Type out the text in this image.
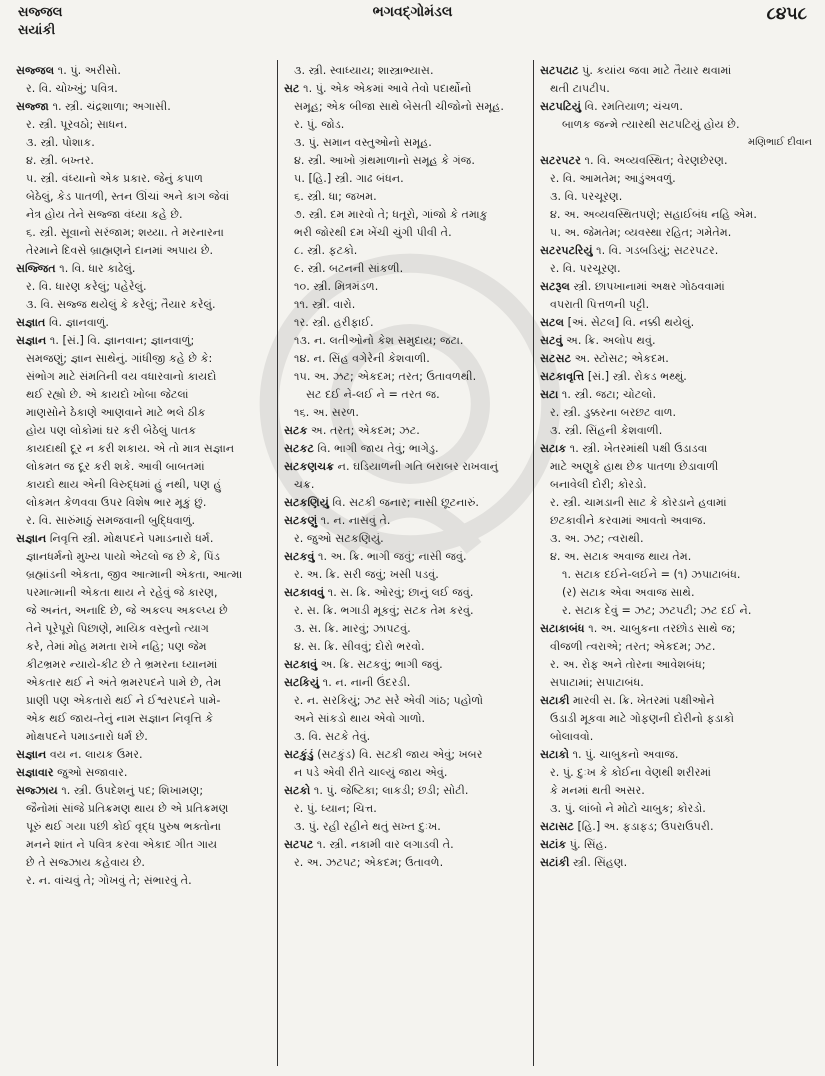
સજ્જલ
સયાંકી
ભગવદ્ગોમંડલ	૮૪૫૮
સજ્જલ ૧. પું. અરીસો.
ર. વિ. ચોખ્ખું; પવિત્ર.
સજ્જા ૧. સ્ત્રી. ચંદ્રશાળા; અગાસી.
ર. સ્ત્રી. પૂરવઠો; સાધન.
૩. સ્ત્રી. પોશાક.
૪. સ્ત્રી. બખ્તર.
૫. સ્ત્રી. વંધ્યાનો એક પ્રકાર. જેનું કપાળ
બેઠેલું, કેડ પાતળી, સ્તન ઊંચાં અને કાગ જેવાં
નેત્ર હોય તેને સજ્જા વંધ્યા કહે છે.
૬. સ્ત્રી. સૂવાનો સરંજામ; શય્યા. તે મરનારના
તેરમાને દિવસે બ્રાહ્મણને દાનમાં અપાય છે.
સજ્જિત ૧. વિ. ધાર કાઢેલું.
ર. વિ. ધારણ કરેલું; પહેરેલું.
૩. વિ. સજ્જ થયેલું કે કરેલું; તૈયાર કરેલું.
સજ્ઞાત વિ. જ્ઞાનવાળું.
સજ્ઞાન ૧. [સં.] વિ. જ્ઞાનવાન; જ્ઞાનવાળું;
સમજણું; જ્ઞાન સાથેનું. ગાંધીજી કહે છે કે:
સંભોગ માટે સંમતિની વય વધારવાનો કાયદો
થઈ રહ્યો છે. એ કાયદો ખોબા જેટલાં
માણસોને ઠેકાણે આણવાને માટે ભલે ઠીક
હોય પણ લોકોમાં ઘર કરી બેઠેલું પાતક
કાયદાથી દૂર ન કરી શકાય. એ તો માત્ર સજ્ઞાન
લોકમત જ દૂર કરી શકે. આવી બાબતમાં
કાયદો થાય એની વિરુદ્ધમાં હું નથી, પણ હું
લોકમત કેળવવા ઉપર વિશેષ ભાર મૂકું છું.
ર. વિ. સારુંમાઠું સમજવાની બુદ્ધિવાળું.
સજ્ઞાન નિવૃત્તિ સ્ત્રી. મોક્ષપદને પમાડનારો ધર્મ.
જ્ઞાનધર્મનો મુખ્ય પાયો એટલો જ છે કે, પિંડ
બ્રહ્માંડની એકતા, જીવ આત્માની એકતા, આત્મા
પરમાત્માની એકતા થાય ને રહેવું જે કારણ,
જે અનંત, અનાદિ છે, જે અકલ્પ અકલ્પ્ય છે
તેને પૂરેપૂરો પિછાણે, માયિક વસ્તુનો ત્યાગ
કરે, તેમાં મોહ મમતા રાખે નહિ; પણ જેમ
કીટભ્રમર ન્યાયે-કીટ છે તે ભ્રમરના ધ્યાનમાં
એકતાર થઈ ને અંતે ભ્રમરપદને પામે છે, તેમ
પ્રાણી પણ એકતારો થઈ ને ઈશ્વરપદને પામે-
એક થઈ જાય-તેનું નામ સજ્ઞાન નિવૃત્તિ કે
મોક્ષપદને પમાડનારો ધર્મ છે.
સજ્ઞાન વય ન. લાયક ઉમર.
સજ્ઞાવાર જુઓ સજાવાર.
સજ્ઝાય ૧. સ્ત્રી. ઉપદેશનું પદ; શિખામણ;
જૈનોમાં સાંજે પ્રતિક્રમણ થાય છે એ પ્રતિક્રમણ
પૂરું થઈ ગયા પછી કોઈ વૃદ્ધ પુરુષ ભક્તોના
મનને શાંત ને પવિત્ર કરવા એકાદ ગીત ગાય
છે તે સજ્ઝાય કહેવાય છે.
ર. ન. વાંચવું તે; ગોખવું તે; સંભારવું તે.
૩. સ્ત્રી. સ્વાધ્યાય; શાસ્ત્રાભ્યાસ.
સટ ૧. પું. એક એકમાં આવે તેવો પદાર્થોનો
સમૂહ; એક બીજા સાથે બેસતી ચીજોનો સમૂહ.
ર. પું. જોડ.
૩. પું. સમાન વસ્તુઓનો સમૂહ.
૪. સ્ત્રી. આખો ગ્રંથમાળાનો સમૂહ કે ગંજ.
૫. [હિ.] સ્ત્રી. ગાઢ બંધન.
૬. સ્ત્રી. ધા; જખમ.
૭. સ્ત્રી. દમ મારવો તે; ધતૂરો, ગાંજો કે તમાકુ
ભરી જોરથી દમ ખેંચી ચુંગી પીવી તે.
૮. સ્ત્રી. ફટકો.
૯. સ્ત્રી. બટનની સાંકળી.
૧૦. સ્ત્રી. મિત્રમંડળ.
૧૧. સ્ત્રી. વારો.
૧ર. સ્ત્રી. હરીફાઈ.
૧૩. ન. લતીઓનો કેશ સમુદાય; જટા.
૧૪. ન. સિંહ વગેરેની કેશવાળી.
૧૫. અ. ઝટ; એકદમ; તરત; ઉતાવળથી.
સટ દઈ ને-લઈ ને = તરત જ.
૧૬. અ. સરળ.
સટક અ. તરત; એકદમ; ઝટ.
સટકટ વિ. ભાગી જાય તેવું; ભાગેડુ.
સટકણચક્ર ન. ઘડિયાળની ગતિ બરાબર રાખવાનું
ચક્ર.
સટકણિયું વિ. સટકી જનાર; નાસી છૂટનારું.
સટકણું ૧. ન. નાસવું તે.
ર. જુઓ સટકણિયું.
સટકવું ૧. અ. ક્રિ. ભાગી જવું; નાસી જવું.
ર. અ. ક્રિ. સરી જવું; ખસી પડવું.
સટકાવવું ૧. સ. ક્રિ. ઓરવું; છાનું લઈ જવું.
ર. સ. ક્રિ. ભગાડી મૂકવું; સટક તેમ કરવું.
૩. સ. ક્રિ. મારવું; ઝાપટવું.
૪. સ. ક્રિ. સીવવું; દોરો ભરવો.
સટકાવું અ. ક્રિ. સટકવું; ભાગી જવું.
સટકિયું ૧. ન. નાની ઉંદરડી.
ર. ન. સરકિયું; ઝટ સરે એવી ગાંઠ; પહોળો
અને સાંકડો થાય એવો ગાળો.
૩. વિ. સટકે તેવું.
સટકુંડું (સટકુંડ) વિ. સટકી જાય એવું; ખબર
ન પડે એવી રીતે ચાલ્યું જાય એવું.
સટકો ૧. પું. જેષ્ટિકા; લાકડી; છડી; સોટી.
ર. પું. ધ્યાન; ચિત્ત.
૩. પું. રહી રહીને થતું સખ્ત દુઃખ.
સટપટ ૧. સ્ત્રી. નકામી વાર લગાડવી તે.
ર. અ. ઝટપટ; એકદમ; ઉતાવળે.
સટપટાટ પું. કયાંય જવા માટે તૈયાર થવામાં
થતી ટાપટીપ.
સટપટિયું વિ. રમતિયાળ; ચંચળ.
બાળક જન્મે ત્યારથી સટપટિયું હોય છે.
મણિભાઈ દીવાન
સટરપટર ૧. વિ. અવ્યવસ્થિત; વેરણછેરણ.
ર. વિ. આમતેમ; આડુંઅવળું.
૩. વિ. પરચૂરણ.
૪. અ. અવ્યવસ્થિતપણે; સહાઈબંધ નહિ એમ.
૫. અ. જેમતેમ; વ્યવસ્થા રહિત; ગમેતેમ.
સટરપટરિયું ૧. વિ. ગડબડિયું; સટરપટર.
ર. વિ. પરચૂરણ.
સટરૂલ સ્ત્રી. છાપખાનામાં અક્ષર ગોઠવવામાં
વપરાતી પિત્તળની પટ્ટી.
સટલ [અં. સેટલ] વિ. નક્કી થયેલું.
સટવું અ. ક્રિ. અલોપ થવું.
સટસટ અ. સ્ટોસટ; એકદમ.
સટકાવૃત્તિ [સં.] સ્ત્રી. રોકડ ભથ્થું.
સટા ૧. સ્ત્રી. જટા; ચોટલો.
ર. સ્ત્રી. ડુક્કરના બરછટ વાળ.
૩. સ્ત્રી. સિંહની કેશવાળી.
સટાક ૧. સ્ત્રી. ખેતરમાંથી પક્ષી ઉડાડવા
માટે અણુકે હાથ છેક પાતળા છેડાવાળી
બનાવેલી દોરી; કોરડો.
ર. સ્ત્રી. ચામડાની સાટ કે કોરડાને હવામાં
છટકાવીને કરવામાં આવતો અવાજ.
૩. અ. ઝટ; ત્વરાથી.
૪. અ. સટાક અવાજ થાય તેમ.
૧. સટાક દઈને-લઈને = (૧) ઝપાટાબંધ.
(ર) સટાક એવા અવાજ સાથે.
ર. સટાક દેવું = ઝટ; ઝટપટી; ઝટ દઈ ને.
સટાકાબંધ ૧. અ. ચાબુકના તરછોડ સાથે જ;
વીજળી ત્વરાએ; તરત; એકદમ; ઝટ.
ર. અ. રોફ અને તોરના આવેશબંધ;
સપાટામાં; સપાટાબંધ.
સટાકી મારવી સ. ક્રિ. ખેતરમાં પક્ષીઓને
ઉડાડી મૂકવા માટે ગોફણની દોરીનો ફડાકો
બોલાવવો.
સટાકો ૧. પું. ચાબુકનો અવાજ.
ર. પું. દુઃખ કે કોઈના વેણથી શરીરમાં
કે મનમાં થતી અસર.
૩. પું. લાંબો ને મોટો ચાબુક; કોરડો.
સટાસટ [હિ.] અ. ફડાફડ; ઉપરાઉપરી.
સટાંક પું. સિંહ.
સટાંકી સ્ત્રી. સિંહણ.
